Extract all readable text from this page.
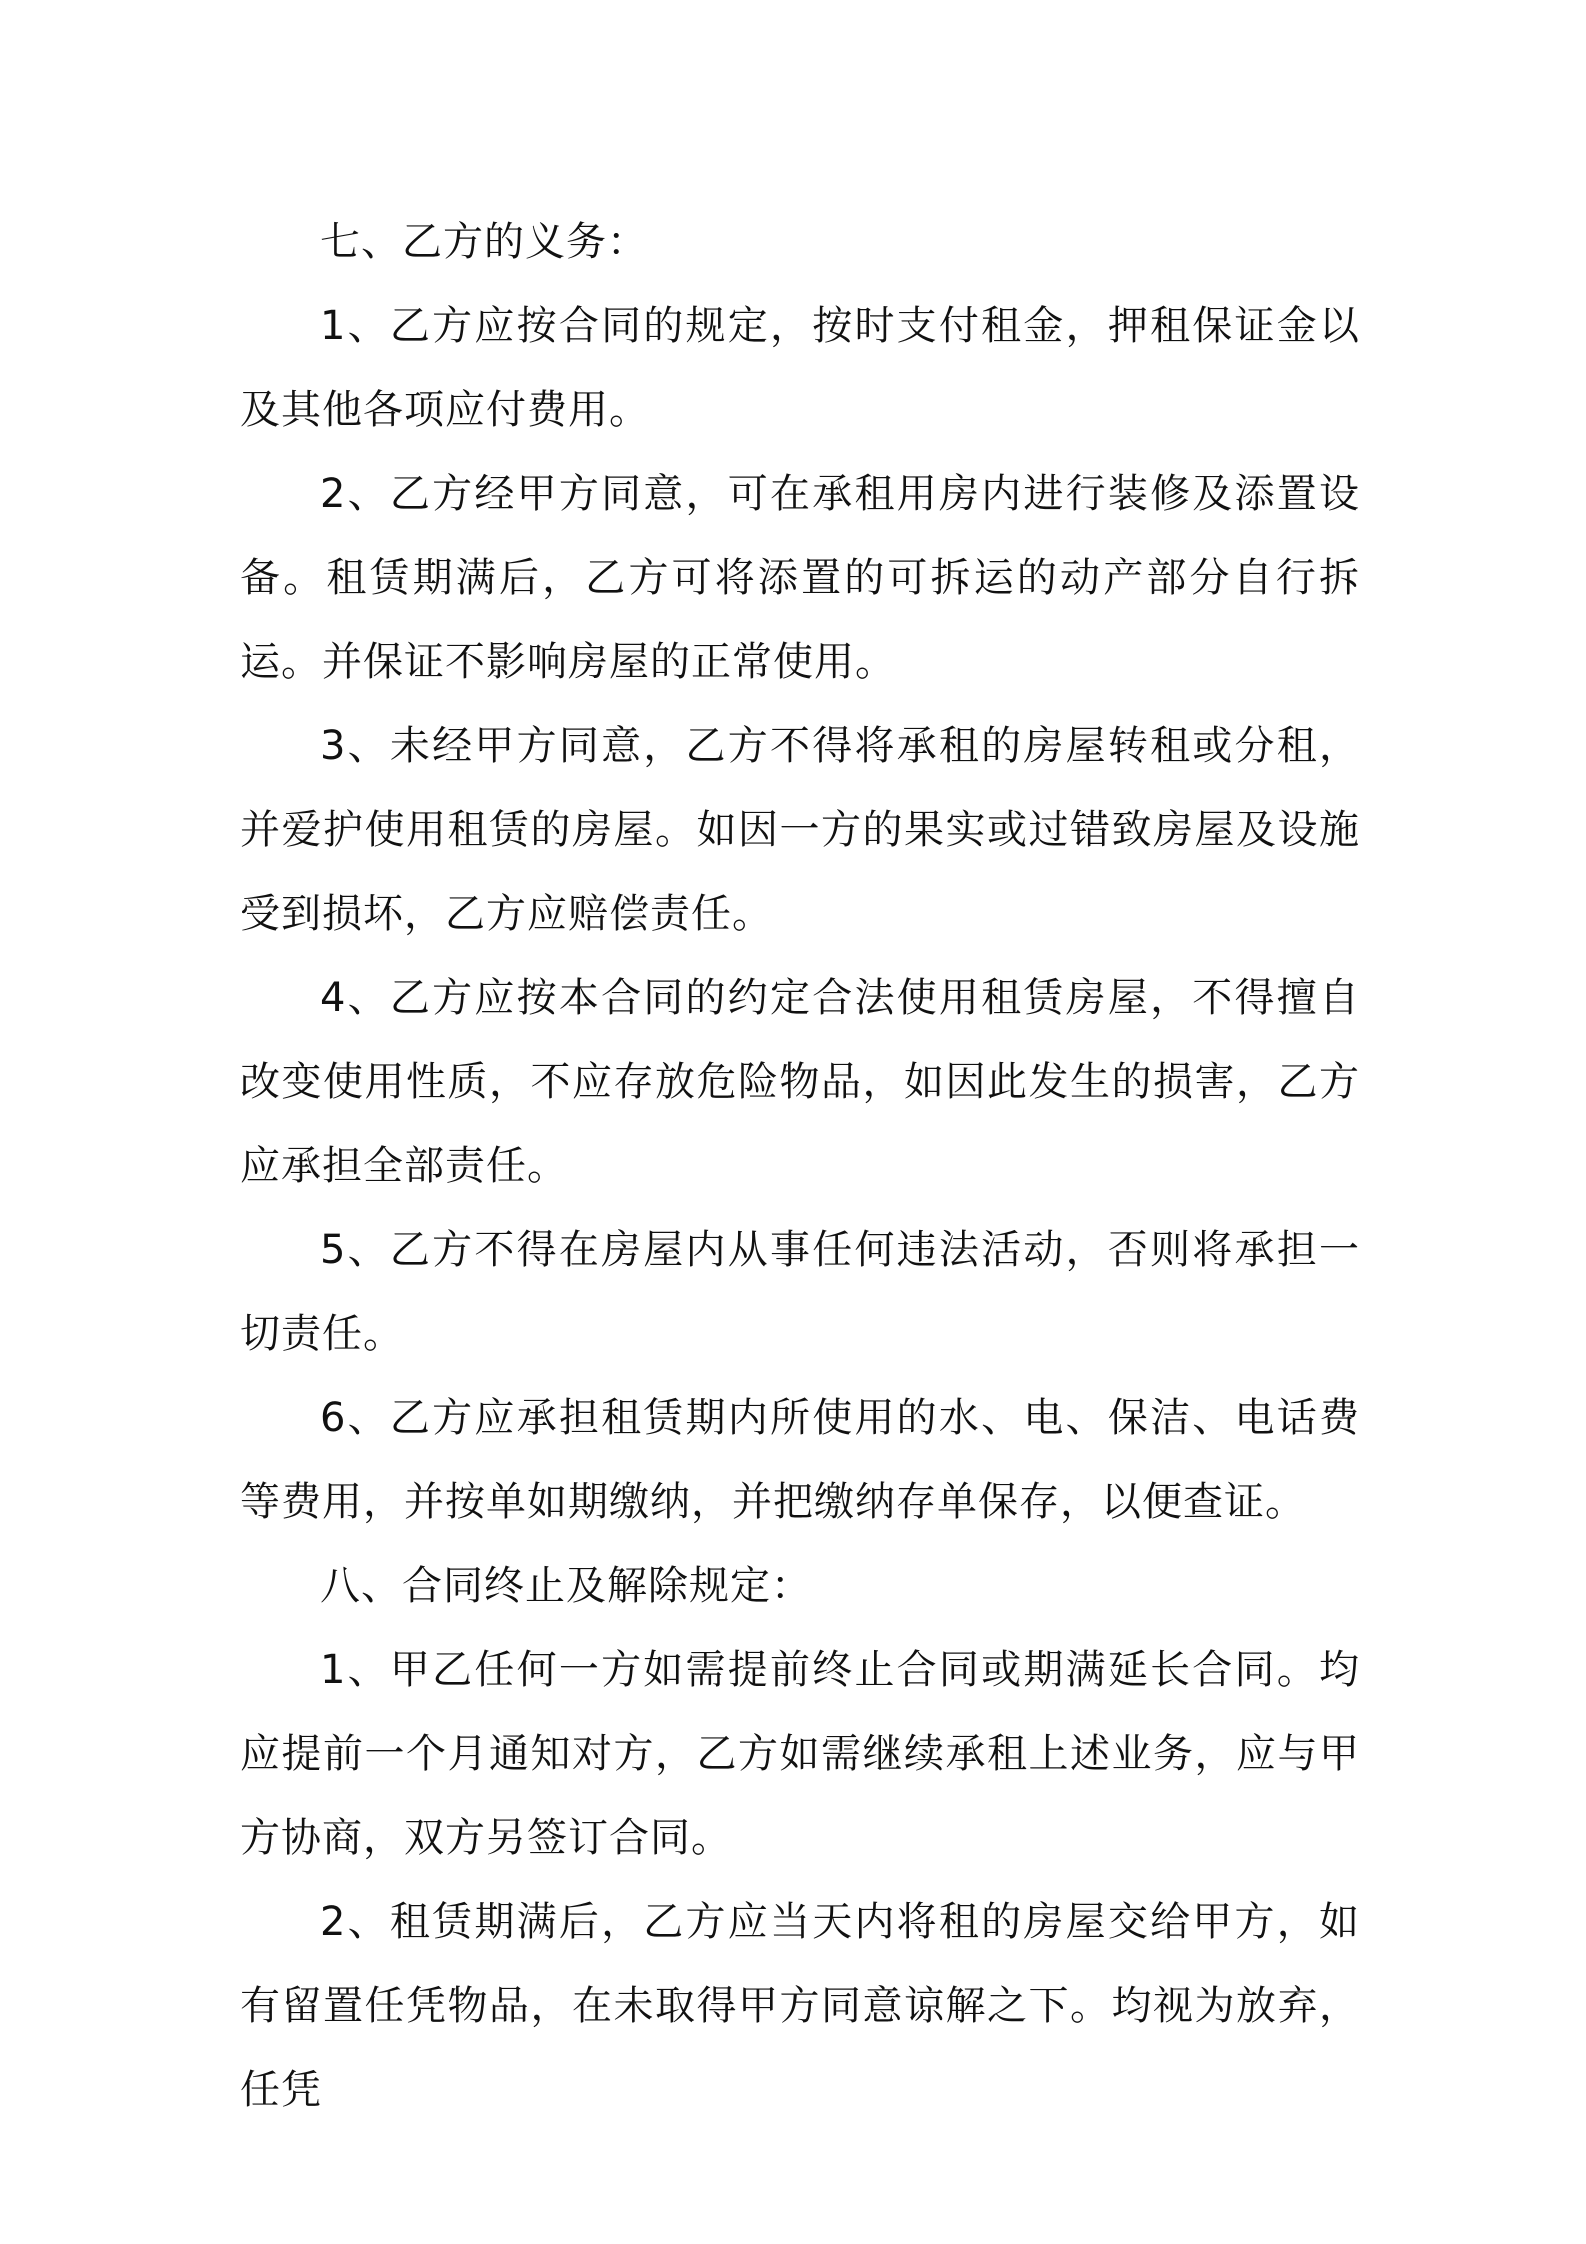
七、乙方的义务：

1、乙方应按合同的规定，按时支付租金，押租保证金以及其他各项应付费用。

2、乙方经甲方同意，可在承租用房内进行装修及添置设备。租赁期满后，乙方可将添置的可拆运的动产部分自行拆运。并保证不影响房屋的正常使用。

3、未经甲方同意，乙方不得将承租的房屋转租或分租，并爱护使用租赁的房屋。如因一方的果实或过错致房屋及设施受到损坏，乙方应赔偿责任。

4、乙方应按本合同的约定合法使用租赁房屋，不得擅自改变使用性质，不应存放危险物品，如因此发生的损害，乙方应承担全部责任。

5、乙方不得在房屋内从事任何违法活动，否则将承担一切责任。

6、乙方应承担租赁期内所使用的水、电、保洁、电话费等费用，并按单如期缴纳，并把缴纳存单保存，以便查证。

八、合同终止及解除规定：

1、甲乙任何一方如需提前终止合同或期满延长合同。均应提前一个月通知对方，乙方如需继续承租上述业务，应与甲方协商，双方另签订合同。

2、租赁期满后，乙方应当天内将租的房屋交给甲方，如有留置任凭物品，在未取得甲方同意谅解之下。均视为放弃，任凭
